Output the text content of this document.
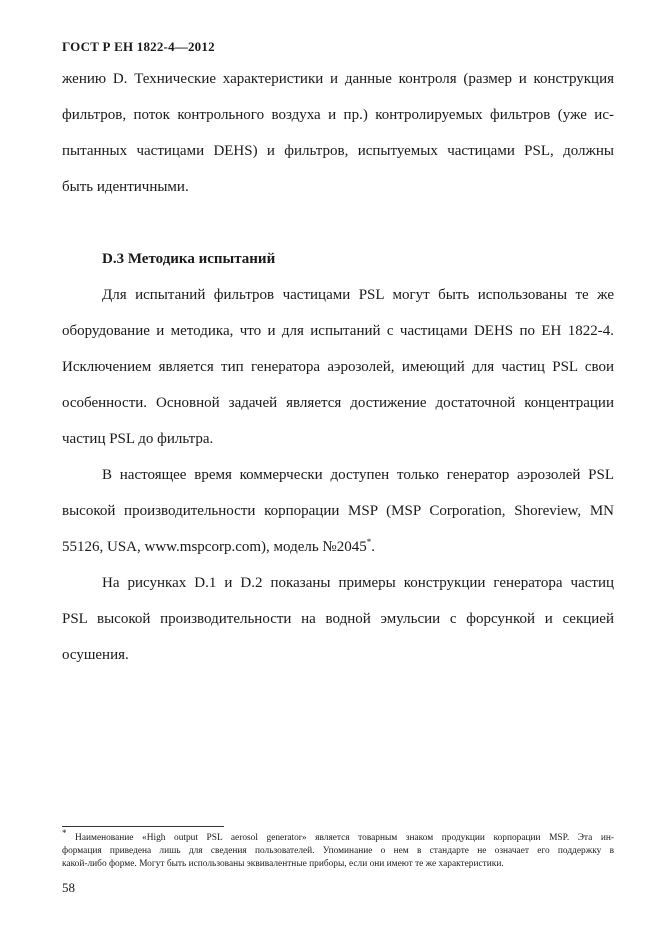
ГОСТ Р ЕН 1822-4—2012
жению D. Технические характеристики и данные контроля (размер и конструкция
фильтров, поток контрольного воздуха и пр.) контролируемых фильтров (уже ис-
пытанных частицами DEHS) и фильтров, испытуемых частицами PSL, должны
быть идентичными.
D.3 Методика испытаний
Для испытаний фильтров частицами PSL могут быть использованы те же
оборудование и методика, что и для испытаний с частицами DEHS по ЕН 1822-4.
Исключением является тип генератора аэрозолей, имеющий для частиц PSL свои
особенности. Основной задачей является достижение достаточной концентрации
частиц PSL до фильтра.
В настоящее время коммерчески доступен только генератор аэрозолей PSL
высокой производительности корпорации MSP (MSP Corporation, Shoreview, MN
55126, USA, www.mspcorp.com), модель №2045*.
На рисунках D.1 и D.2 показаны примеры конструкции генератора частиц
PSL высокой производительности на водной эмульсии с форсункой и секцией
осушения.
* Наименование «High output PSL aerosol generator» является товарным знаком продукции корпорации MSP. Эта ин-
формация приведена лишь для сведения пользователей. Упоминание о нем в стандарте не означает его поддержку в
какой-либо форме. Могут быть использованы эквивалентные приборы, если они имеют те же характеристики.
58
